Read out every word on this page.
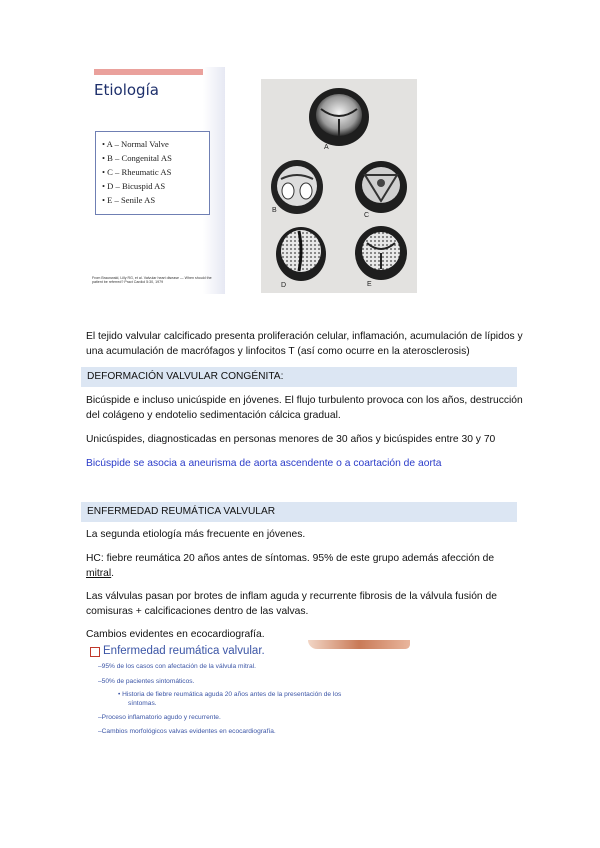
Etiología
• A – Normal Valve
• B – Congenital AS
• C – Rheumatic AS
• D – Bicuspid AS
• E – Senile AS
From Braunwald, Lilly RG, et al. Valvular heart disease — When should the patient be referred? Pract Cardiol 5:30, 1979
A
B
C
D	E
El tejido valvular calcificado presenta proliferación celular, inflamación, acumulación de lípidos y
una acumulación de macrófagos y linfocitos T (así como ocurre en la aterosclerosis)
DEFORMACIÓN VALVULAR CONGÉNITA:
Bicúspide e incluso unicúspide en jóvenes. El flujo turbulento provoca con los años, destrucción
del colágeno y endotelio sedimentación cálcica gradual.
Unicúspides, diagnosticadas en personas menores de 30 años y bicúspides entre 30 y 70
Bicúspide se asocia a aneurisma de aorta ascendente o a coartación de aorta
ENFERMEDAD REUMÁTICA VALVULAR
La segunda etiología más frecuente en jóvenes.
HC: fiebre reumática 20 años antes de síntomas. 95% de este grupo además afección de
mitral.
Las válvulas pasan por brotes de inflam aguda y recurrente fibrosis de la válvula fusión de
comisuras + calcificaciones dentro de las valvas.
Cambios evidentes en ecocardiografía.
Enfermedad reumática valvular.
–95% de los casos con afectación de la válvula mitral.
–50% de pacientes sintomáticos.
• Historia de fiebre reumática aguda 20 años antes de la presentación de los
síntomas.
–Proceso inflamatorio agudo y recurrente.
–Cambios morfológicos valvas evidentes en ecocardiografía.
